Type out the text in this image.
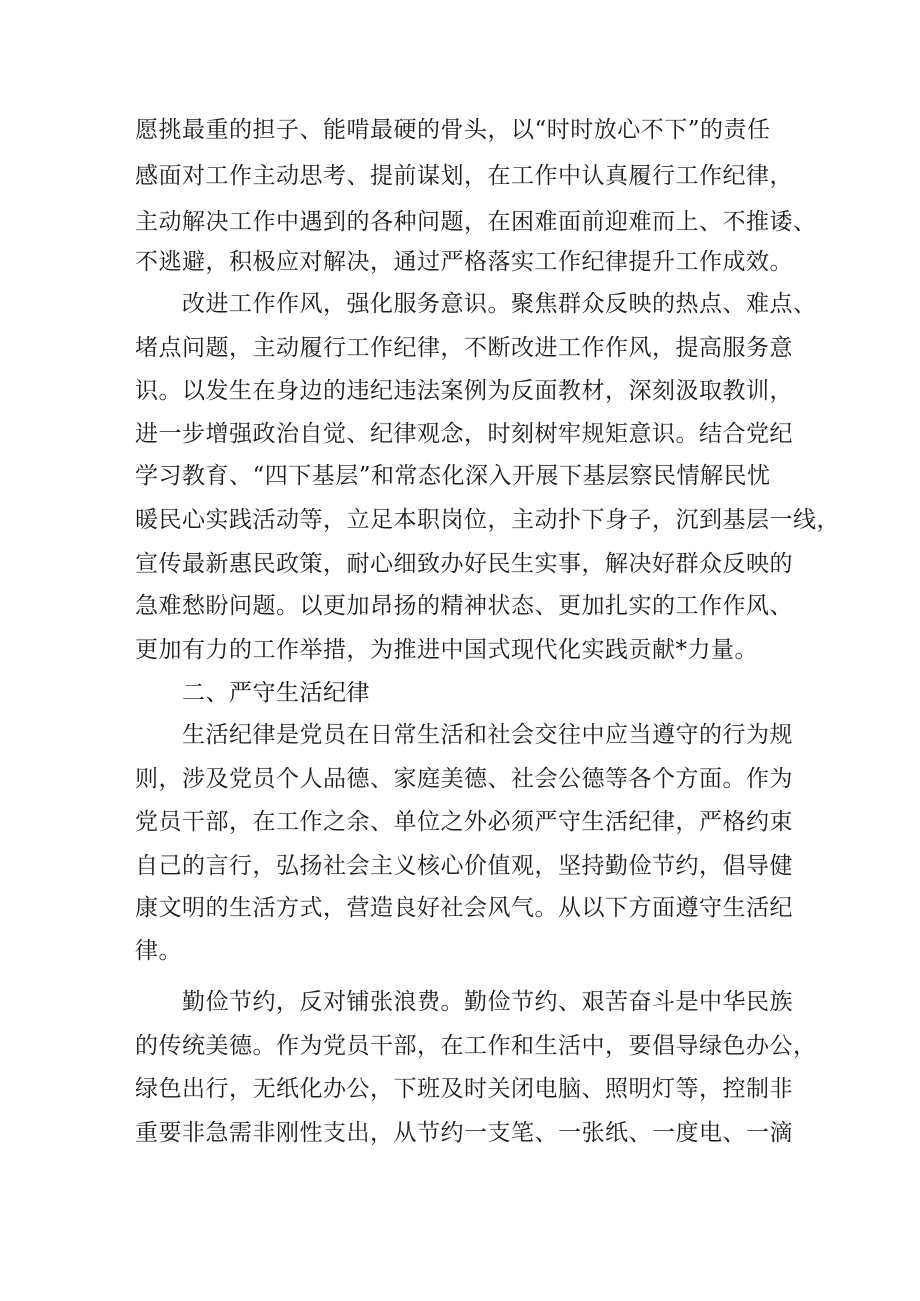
愿挑最重的担子、能啃最硬的骨头，以“时时放心不下”的责任
感面对工作主动思考、提前谋划，在工作中认真履行工作纪律，
主动解决工作中遇到的各种问题，在困难面前迎难而上、不推诿、
不逃避，积极应对解决，通过严格落实工作纪律提升工作成效。
改进工作作风，强化服务意识。聚焦群众反映的热点、难点、
堵点问题，主动履行工作纪律，不断改进工作作风，提高服务意
识。以发生在身边的违纪违法案例为反面教材，深刻汲取教训，
进一步增强政治自觉、纪律观念，时刻树牢规矩意识。结合党纪
学习教育、“四下基层”和常态化深入开展下基层察民情解民忧
暖民心实践活动等，立足本职岗位，主动扑下身子，沉到基层一线，
宣传最新惠民政策，耐心细致办好民生实事，解决好群众反映的
急难愁盼问题。以更加昂扬的精神状态、更加扎实的工作作风、
更加有力的工作举措，为推进中国式现代化实践贡献*力量。
二、严守生活纪律
生活纪律是党员在日常生活和社会交往中应当遵守的行为规
则，涉及党员个人品德、家庭美德、社会公德等各个方面。作为
党员干部，在工作之余、单位之外必须严守生活纪律，严格约束
自己的言行，弘扬社会主义核心价值观，坚持勤俭节约，倡导健
康文明的生活方式，营造良好社会风气。从以下方面遵守生活纪
律。
勤俭节约，反对铺张浪费。勤俭节约、艰苦奋斗是中华民族
的传统美德。作为党员干部，在工作和生活中，要倡导绿色办公，
绿色出行，无纸化办公，下班及时关闭电脑、照明灯等，控制非
重要非急需非刚性支出，从节约一支笔、一张纸、一度电、一滴
